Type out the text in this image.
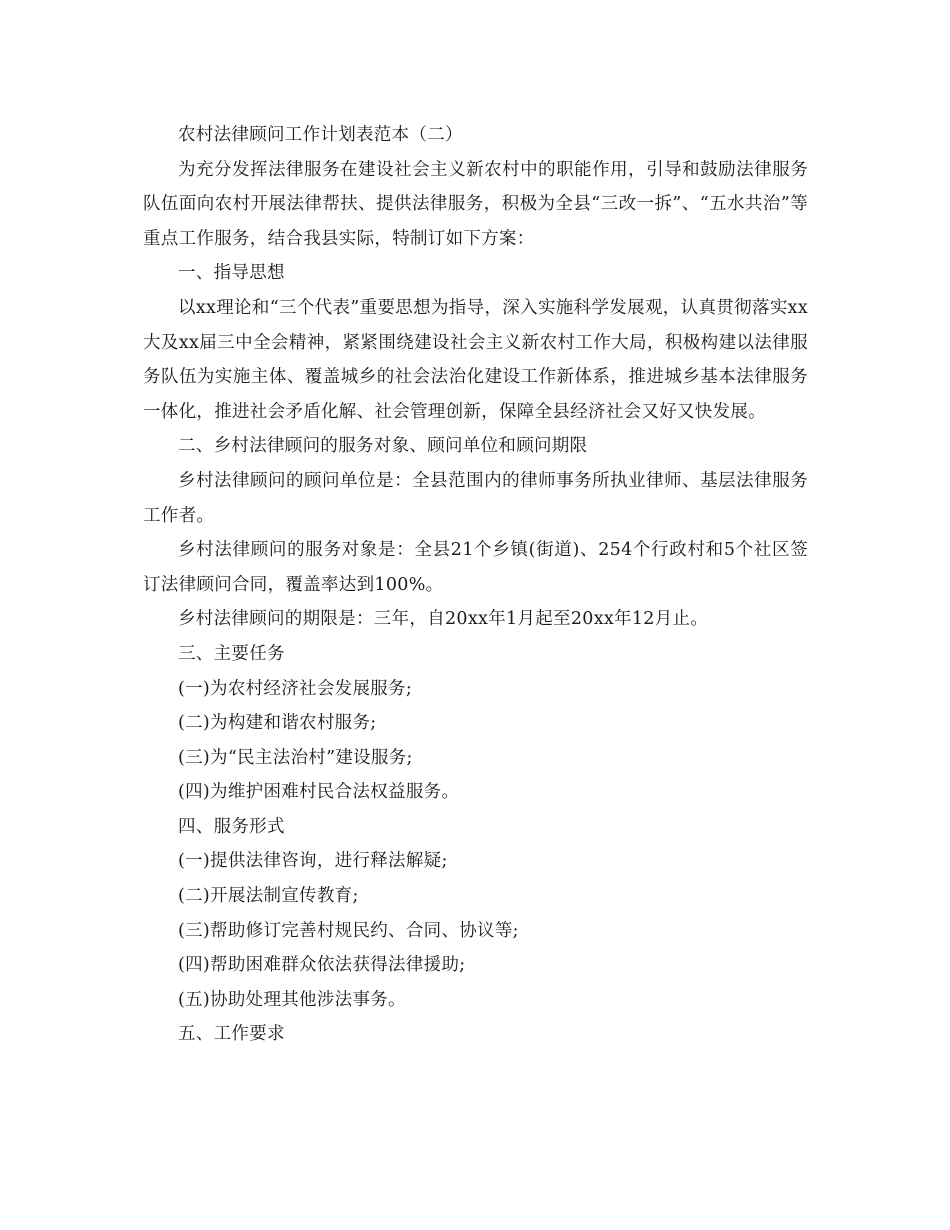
农村法律顾问工作计划表范本（二）

为充分发挥法律服务在建设社会主义新农村中的职能作用，引导和鼓励法律服务队伍面向农村开展法律帮扶、提供法律服务，积极为全县“三改一拆”、“五水共治”等重点工作服务，结合我县实际，特制订如下方案：

一、指导思想

以xx理论和“三个代表”重要思想为指导，深入实施科学发展观，认真贯彻落实xx大及xx届三中全会精神，紧紧围绕建设社会主义新农村工作大局，积极构建以法律服务队伍为实施主体、覆盖城乡的社会法治化建设工作新体系，推进城乡基本法律服务一体化，推进社会矛盾化解、社会管理创新，保障全县经济社会又好又快发展。

二、乡村法律顾问的服务对象、顾问单位和顾问期限

乡村法律顾问的顾问单位是：全县范围内的律师事务所执业律师、基层法律服务工作者。

乡村法律顾问的服务对象是：全县21个乡镇(街道)、254个行政村和5个社区签订法律顾问合同，覆盖率达到100%。

乡村法律顾问的期限是：三年，自20xx年1月起至20xx年12月止。

三、主要任务

(一)为农村经济社会发展服务;

(二)为构建和谐农村服务;

(三)为“民主法治村”建设服务;

(四)为维护困难村民合法权益服务。

四、服务形式

(一)提供法律咨询，进行释法解疑;

(二)开展法制宣传教育;

(三)帮助修订完善村规民约、合同、协议等;

(四)帮助困难群众依法获得法律援助;

(五)协助处理其他涉法事务。

五、工作要求
